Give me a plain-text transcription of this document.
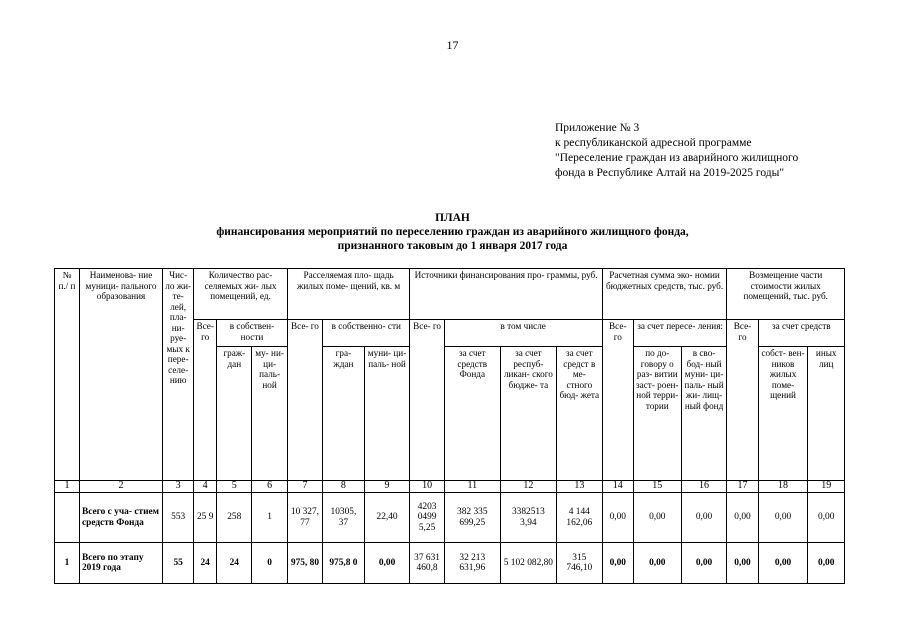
17
Приложение № 3
к республиканской адресной программе
"Переселение граждан из аварийного жилищного
фонда в Республике Алтай на 2019-2025 годы"
ПЛАН
финансирования мероприятий по переселению граждан из аварийного жилищного фонда,
признанного таковым до 1 января 2017 года
№ п./ п	Наименова- ние муници- пального образования	Чис- ло жи- те- лей, пла- ни- руе- мых к пере- селе- нию	Количество рас- селяемых жи- лых помещений, ед.			Расселяемая пло- щадь жилых поме- щений, кв. м			Источники финансирования про- граммы, руб.				Расчетная сумма эко- номии бюджетных средств, тыс. руб.			Возмещение части стоимости жилых помещений, тыс. руб.		
			Все- го	в собствен- ности		Все- го	в собственно- сти		Все- го	в том числе			Все- го	за счет пересе- ления:		Все- го	за счет средств	
				граж- дан	му- ни- ци- паль- ной		гра- ждан	муни- ци- паль- ной		за счет средств Фонда	за счет респуб- ликан- ского бюджe- та	за счет средст в ме- стного бюд- жета		по до- говору о раз- витии заст- роен- ной терри- тории	в сво- бод- ный муни- ци- паль- ный жи- лищ- ный фонд		собст- вен- ников жилых поме- щений	иных лиц
1	2	3	4	5	6	7	8	9	10	11	12	13	14	15	16	17	18	19
	Всего с уча- стием средств Фонда	553	25 9	258	1	10 327, 77	10305, 37	22,40	4203 0499 5,25	382 335 699,25	3382513 3,94	4 144 162,06	0,00	0,00	0,00	0,00	0,00	0,00
1	Всего по этапу 2019 года	55	24	24	0	975, 80	975,8 0	0,00	37 631 460,8	32 213 631,96	5 102 082,80	315 746,10	0,00	0,00	0,00	0,00	0,00	0,00
